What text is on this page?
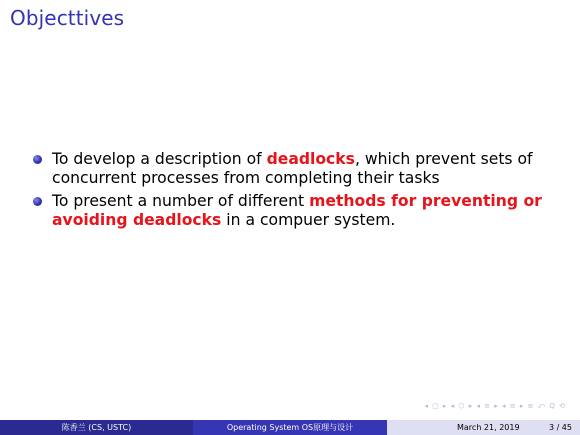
Objecttives
To develop a description of deadlocks, which prevent sets of concurrent processes from completing their tasks
To present a number of different methods for preventing or avoiding deadlocks in a compuer system.
◂ ▢ ▸ ◂ ⬡ ▸ ◂ ≡ ▸ ◂ ≡ ▸ ≡ ⤺ Q ⟲
陈香兰 (CS, USTC)	Operating System OS原理与设计	March 21, 2019	3 / 45
